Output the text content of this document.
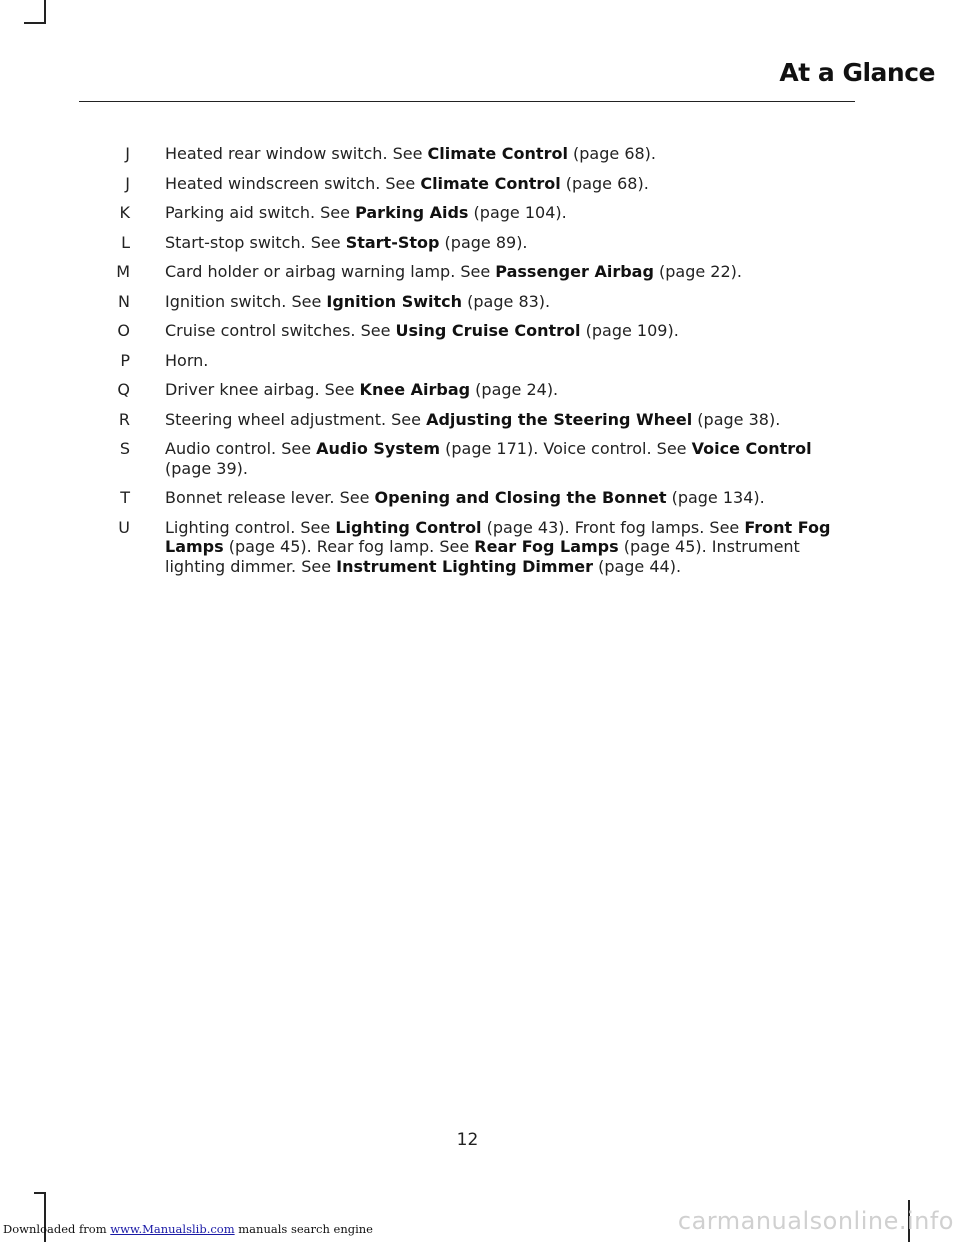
At a Glance
J Heated rear window switch. See Climate Control (page 68).
J Heated windscreen switch. See Climate Control (page 68).
K Parking aid switch. See Parking Aids (page 104).
L Start-stop switch. See Start-Stop (page 89).
M Card holder or airbag warning lamp. See Passenger Airbag (page 22).
N Ignition switch. See Ignition Switch (page 83).
O Cruise control switches. See Using Cruise Control (page 109).
P Horn.
Q Driver knee airbag. See Knee Airbag (page 24).
R Steering wheel adjustment. See Adjusting the Steering Wheel (page 38).
S Audio control. See Audio System (page 171). Voice control. See Voice Control (page 39).
T Bonnet release lever. See Opening and Closing the Bonnet (page 134).
U Lighting control. See Lighting Control (page 43). Front fog lamps. See Front Fog Lamps (page 45). Rear fog lamp. See Rear Fog Lamps (page 45). Instrument lighting dimmer. See Instrument Lighting Dimmer (page 44).
12
Downloaded from www.Manualslib.com manuals search engine	carmanualsonline.info
